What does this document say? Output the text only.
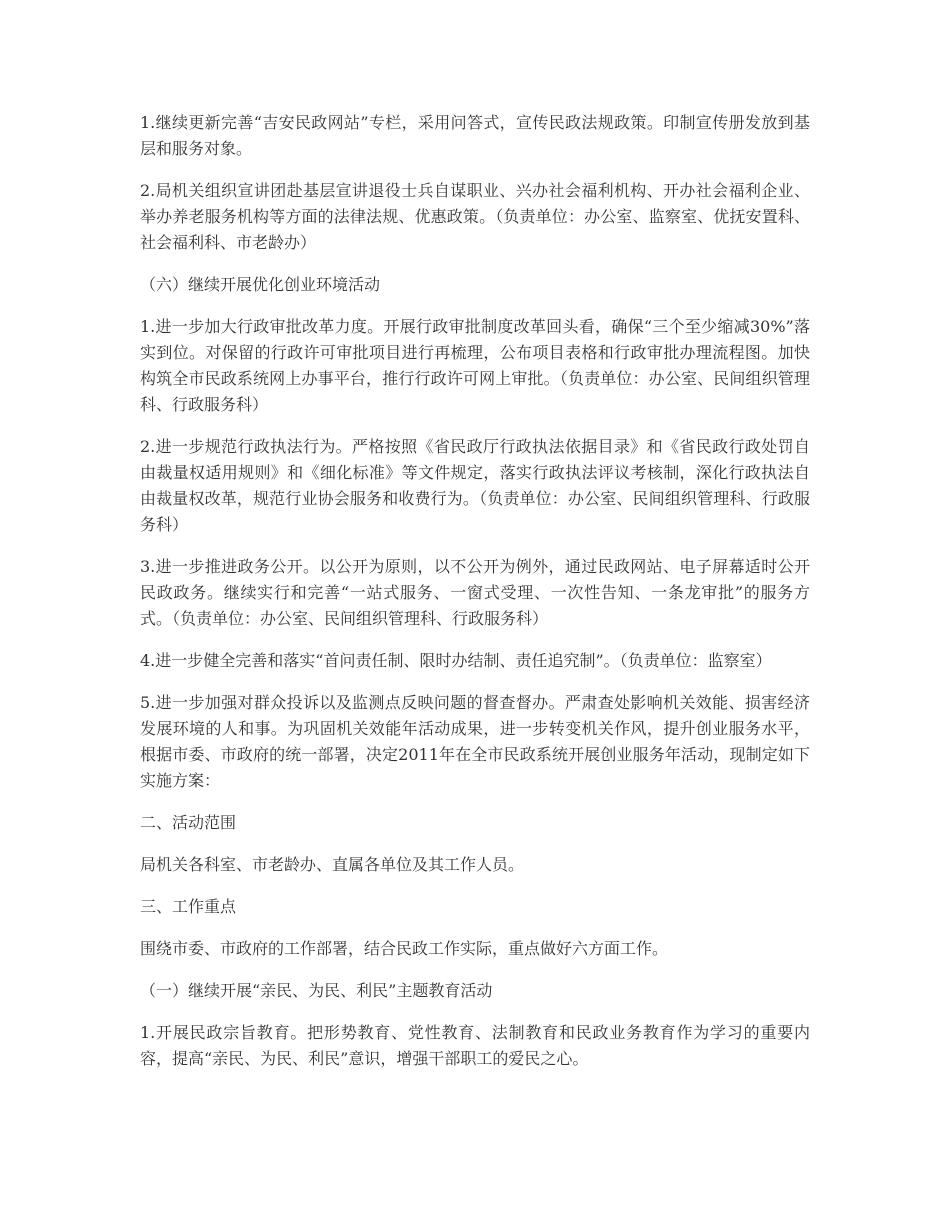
1.继续更新完善“吉安民政网站”专栏，采用问答式，宣传民政法规政策。印制宣传册发放到基层和服务对象。

2.局机关组织宣讲团赴基层宣讲退役士兵自谋职业、兴办社会福利机构、开办社会福利企业、举办养老服务机构等方面的法律法规、优惠政策。（负责单位：办公室、监察室、优抚安置科、社会福利科、市老龄办）

（六）继续开展优化创业环境活动

1.进一步加大行政审批改革力度。开展行政审批制度改革回头看，确保“三个至少缩减30%”落实到位。对保留的行政许可审批项目进行再梳理，公布项目表格和行政审批办理流程图。加快构筑全市民政系统网上办事平台，推行行政许可网上审批。（负责单位：办公室、民间组织管理科、行政服务科）

2.进一步规范行政执法行为。严格按照《省民政厅行政执法依据目录》和《省民政行政处罚自由裁量权适用规则》和《细化标准》等文件规定，落实行政执法评议考核制，深化行政执法自由裁量权改革，规范行业协会服务和收费行为。（负责单位：办公室、民间组织管理科、行政服务科）

3.进一步推进政务公开。以公开为原则，以不公开为例外，通过民政网站、电子屏幕适时公开民政政务。继续实行和完善“一站式服务、一窗式受理、一次性告知、一条龙审批”的服务方式。（负责单位：办公室、民间组织管理科、行政服务科）

4.进一步健全完善和落实“首问责任制、限时办结制、责任追究制”。（负责单位：监察室）

5.进一步加强对群众投诉以及监测点反映问题的督查督办。严肃查处影响机关效能、损害经济发展环境的人和事。为巩固机关效能年活动成果，进一步转变机关作风，提升创业服务水平，根据市委、市政府的统一部署，决定2011年在全市民政系统开展创业服务年活动，现制定如下实施方案：

二、活动范围

局机关各科室、市老龄办、直属各单位及其工作人员。

三、工作重点

围绕市委、市政府的工作部署，结合民政工作实际，重点做好六方面工作。

（一）继续开展“亲民、为民、利民”主题教育活动

1.开展民政宗旨教育。把形势教育、党性教育、法制教育和民政业务教育作为学习的重要内容，提高“亲民、为民、利民”意识，增强干部职工的爱民之心。
